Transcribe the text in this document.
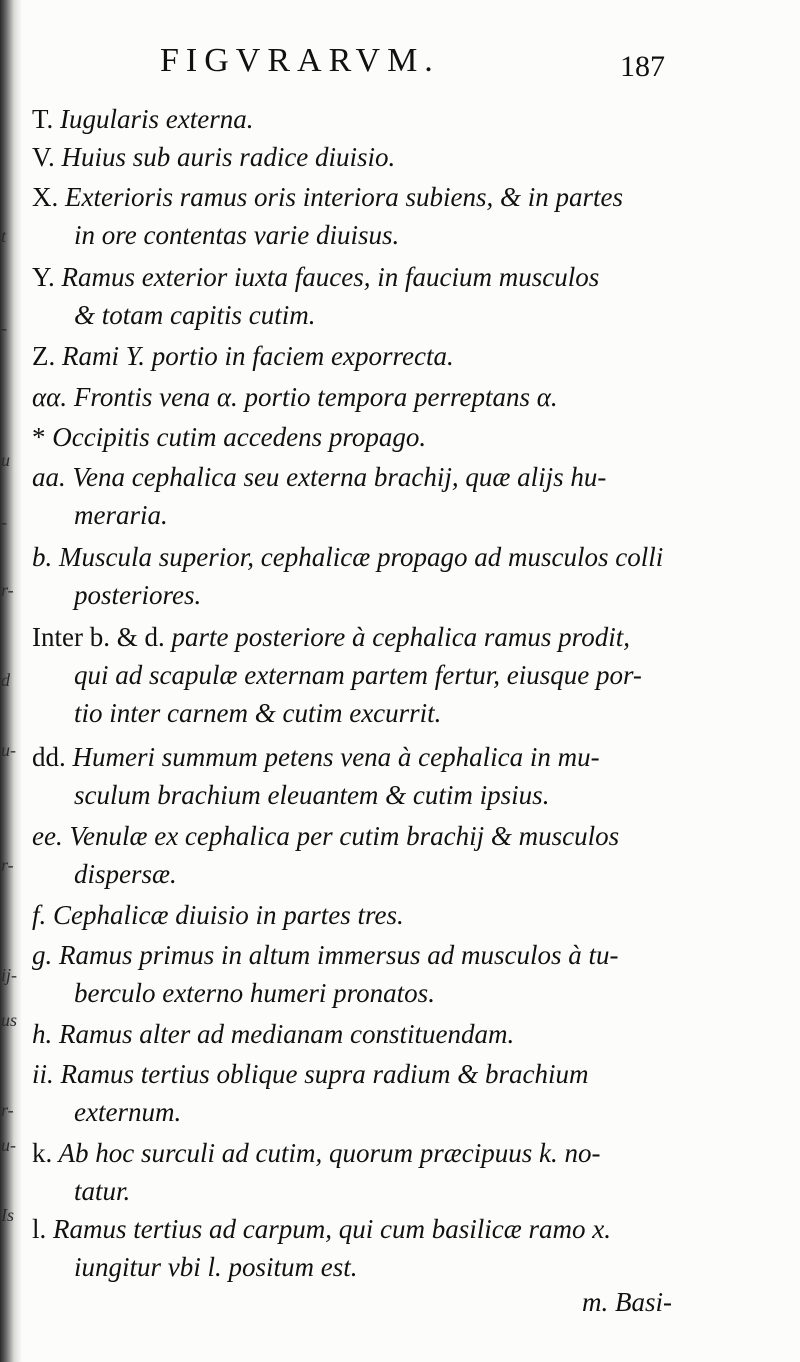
t
-
u
-
r-
d
u-
r-
ij-
us
r-
u-
Is
FIGVRARVM.	187
T. Iugularis externa.
V. Huius sub auris radice diuisio.
X. Exterioris ramus oris interiora subiens, & in partes
in ore contentas varie diuisus.
Y. Ramus exterior iuxta fauces, in faucium musculos
& totam capitis cutim.
Z. Rami Y. portio in faciem exporrecta.
αα. Frontis vena α. portio tempora perreptans α.
* Occipitis cutim accedens propago.
aa. Vena cephalica seu externa brachij, quæ alijs hu-
meraria.
b. Muscula superior, cephalicæ propago ad musculos colli
posteriores.
Inter b. & d. parte posteriore à cephalica ramus prodit,
qui ad scapulæ externam partem fertur, eiusque por-
tio inter carnem & cutim excurrit.
dd. Humeri summum petens vena à cephalica in mu-
sculum brachium eleuantem & cutim ipsius.
ee. Venulæ ex cephalica per cutim brachij & musculos
dispersæ.
f. Cephalicæ diuisio in partes tres.
g. Ramus primus in altum immersus ad musculos à tu-
berculo externo humeri pronatos.
h. Ramus alter ad medianam constituendam.
ii. Ramus tertius oblique supra radium & brachium
externum.
k. Ab hoc surculi ad cutim, quorum præcipuus k. no-
tatur.
l. Ramus tertius ad carpum, qui cum basilicæ ramo x.
iungitur vbi l. positum est.
m. Basi-
